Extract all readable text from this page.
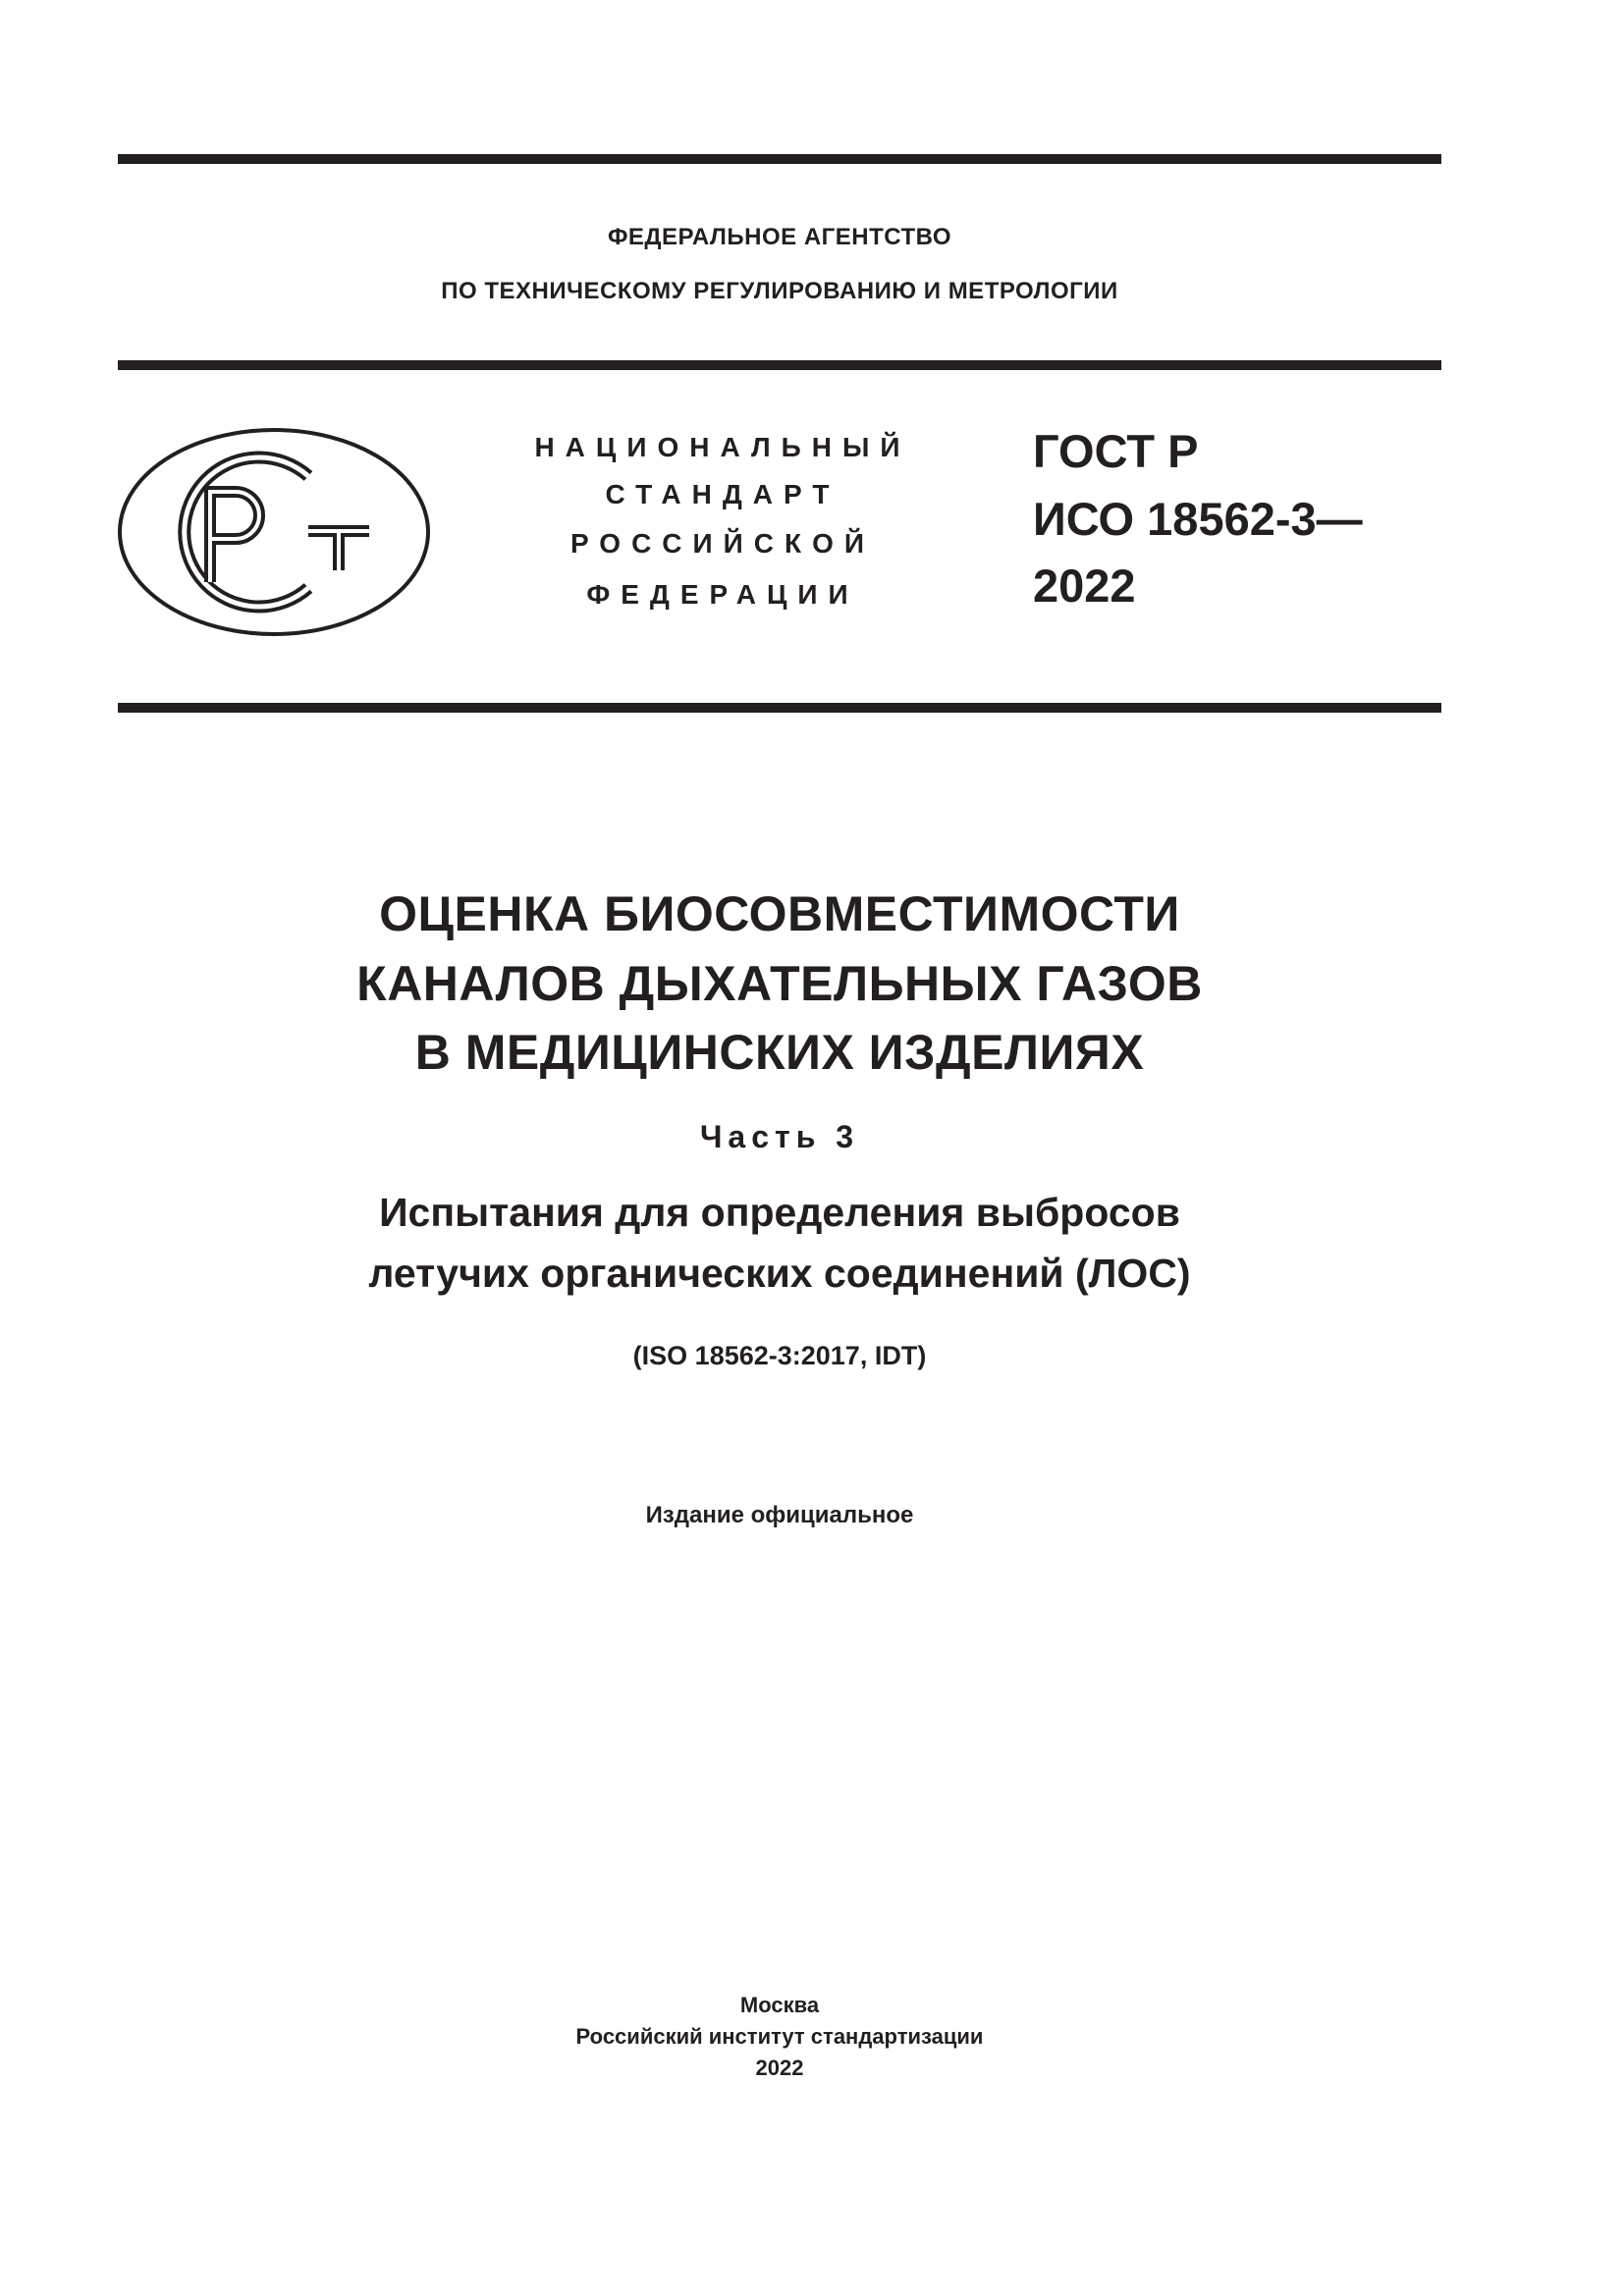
ФЕДЕРАЛЬНОЕ АГЕНТСТВО
ПО ТЕХНИЧЕСКОМУ РЕГУЛИРОВАНИЮ И МЕТРОЛОГИИ
НАЦИОНАЛЬНЫЙ
СТАНДАРТ
РОССИЙСКОЙ
ФЕДЕРАЦИИ
ГОСТ Р
ИСО 18562-3—
2022
ОЦЕНКА БИОСОВМЕСТИМОСТИ
КАНАЛОВ ДЫХАТЕЛЬНЫХ ГАЗОВ
В МЕДИЦИНСКИХ ИЗДЕЛИЯХ
Часть 3
Испытания для определения выбросов
летучих органических соединений (ЛОС)
(ISO 18562-3:2017, IDT)
Издание официальное
Москва
Российский институт стандартизации
2022
